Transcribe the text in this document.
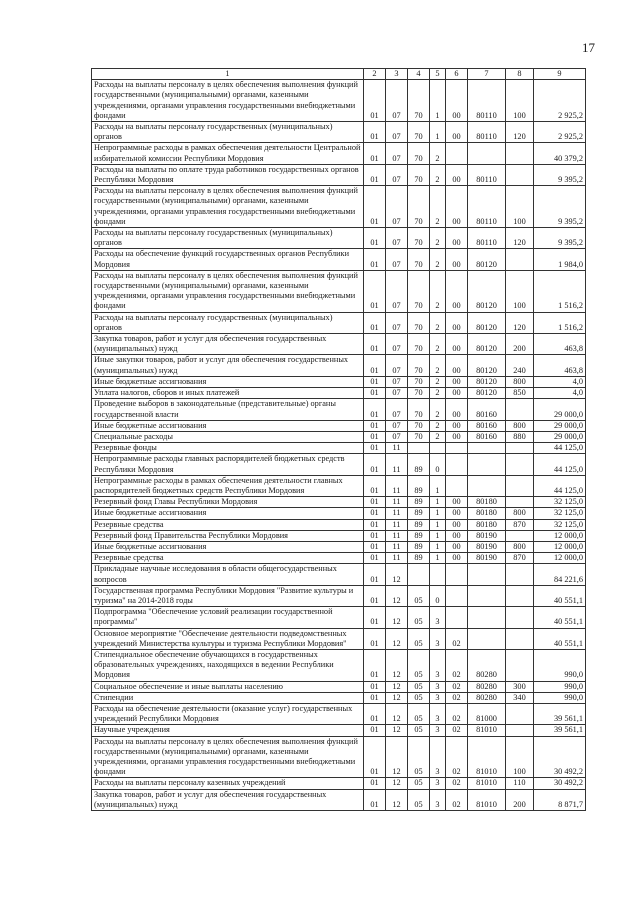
17
1	2	3	4	5	6	7	8	9
Расходы на выплаты персоналу в целях обеспечения выполнения функций государственными (муниципальными) органами, казенными учреждениями, органами управления государственными внебюджетными фондами	01	07	70	1	00	80110	100	2 925,2
Расходы на выплаты персоналу государственных (муниципальных) органов	01	07	70	1	00	80110	120	2 925,2
Непрограммные расходы в рамках обеспечения деятельности Центральной избирательной комиссии Республики Мордовия	01	07	70	2				40 379,2
Расходы на выплаты по оплате труда работников государственных органов Республики Мордовия	01	07	70	2	00	80110		9 395,2
Расходы на выплаты персоналу в целях обеспечения выполнения функций государственными (муниципальными) органами, казенными учреждениями, органами управления государственными внебюджетными фондами	01	07	70	2	00	80110	100	9 395,2
Расходы на выплаты персоналу государственных (муниципальных) органов	01	07	70	2	00	80110	120	9 395,2
Расходы на обеспечение функций государственных органов Республики Мордовия	01	07	70	2	00	80120		1 984,0
Расходы на выплаты персоналу в целях обеспечения выполнения функций государственными (муниципальными) органами, казенными учреждениями, органами управления государственными внебюджетными фондами	01	07	70	2	00	80120	100	1 516,2
Расходы на выплаты персоналу государственных (муниципальных) органов	01	07	70	2	00	80120	120	1 516,2
Закупка товаров, работ и услуг для обеспечения государственных (муниципальных) нужд	01	07	70	2	00	80120	200	463,8
Иные закупки товаров, работ и услуг для обеспечения государственных (муниципальных) нужд	01	07	70	2	00	80120	240	463,8
Иные бюджетные ассигнования	01	07	70	2	00	80120	800	4,0
Уплата налогов, сборов и иных платежей	01	07	70	2	00	80120	850	4,0
Проведение выборов в законодательные (представительные) органы государственной власти	01	07	70	2	00	80160		29 000,0
Иные бюджетные ассигнования	01	07	70	2	00	80160	800	29 000,0
Специальные расходы	01	07	70	2	00	80160	880	29 000,0
Резервные фонды	01	11						44 125,0
Непрограммные расходы главных распорядителей бюджетных средств Республики Мордовия	01	11	89	0				44 125,0
Непрограммные расходы в рамках обеспечения деятельности главных распорядителей бюджетных средств Республики Мордовия	01	11	89	1				44 125,0
Резервный фонд Главы Республики Мордовия	01	11	89	1	00	80180		32 125,0
Иные бюджетные ассигнования	01	11	89	1	00	80180	800	32 125,0
Резервные средства	01	11	89	1	00	80180	870	32 125,0
Резервный фонд Правительства Республики Мордовия	01	11	89	1	00	80190		12 000,0
Иные бюджетные ассигнования	01	11	89	1	00	80190	800	12 000,0
Резервные средства	01	11	89	1	00	80190	870	12 000,0
Прикладные научные исследования в области общегосударственных вопросов	01	12						84 221,6
Государственная программа Республики Мордовия "Развитие культуры и туризма" на 2014-2018 годы	01	12	05	0				40 551,1
Подпрограмма "Обеспечение условий реализации государственной программы"	01	12	05	3				40 551,1
Основное мероприятие "Обеспечение деятельности подведомственных учреждений Министерства культуры и туризма Республики Мордовия"	01	12	05	3	02			40 551,1
Стипендиальное обеспечение обучающихся в государственных образовательных учреждениях, находящихся в ведении Республики Мордовия	01	12	05	3	02	80280		990,0
Социальное обеспечение и иные выплаты населению	01	12	05	3	02	80280	300	990,0
Стипендии	01	12	05	3	02	80280	340	990,0
Расходы на обеспечение деятельности (оказание услуг) государственных учреждений Республики Мордовия	01	12	05	3	02	81000		39 561,1
Научные учреждения	01	12	05	3	02	81010		39 561,1
Расходы на выплаты персоналу в целях обеспечения выполнения функций государственными (муниципальными) органами, казенными учреждениями, органами управления государственными внебюджетными фондами	01	12	05	3	02	81010	100	30 492,2
Расходы на выплаты персоналу казенных учреждений	01	12	05	3	02	81010	110	30 492,2
Закупка товаров, работ и услуг для обеспечения государственных (муниципальных) нужд	01	12	05	3	02	81010	200	8 871,7
